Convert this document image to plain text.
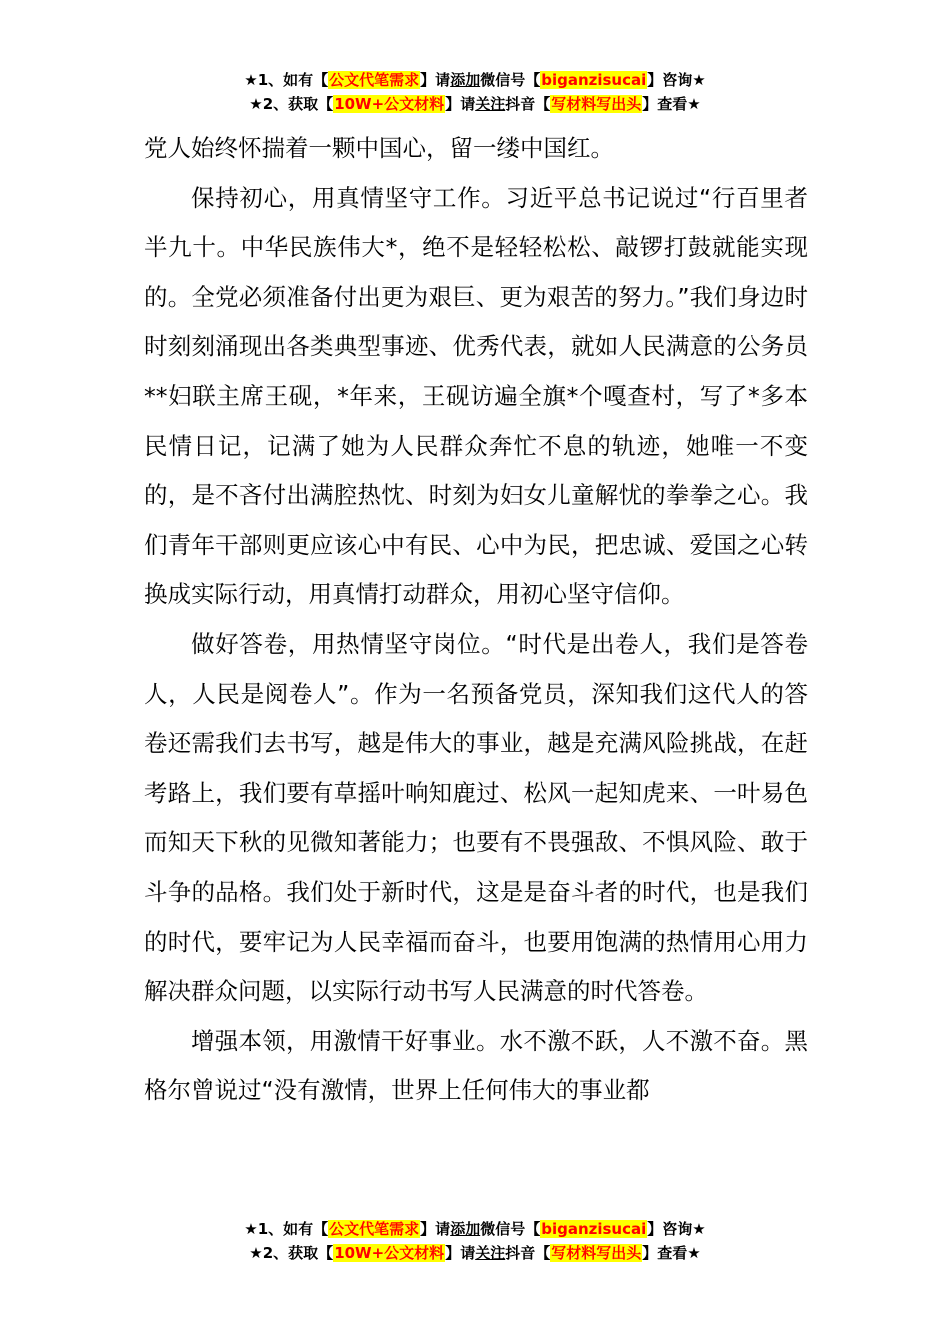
★1、如有【公文代笔需求】请添加微信号【biganzisucai】咨询★
★2、获取【10W+公文材料】请关注抖音【写材料写出头】查看★

党人始终怀揣着一颗中国心，留一缕中国红。

保持初心，用真情坚守工作。习近平总书记说过“行百里者半九十。中华民族伟大*，绝不是轻轻松松、敲锣打鼓就能实现的。全党必须准备付出更为艰巨、更为艰苦的努力。”我们身边时时刻刻涌现出各类典型事迹、优秀代表，就如人民满意的公务员**妇联主席王砚，*年来，王砚访遍全旗*个嘎查村，写了*多本民情日记，记满了她为人民群众奔忙不息的轨迹，她唯一不变的，是不吝付出满腔热忱、时刻为妇女儿童解忧的拳拳之心。我们青年干部则更应该心中有民、心中为民，把忠诚、爱国之心转换成实际行动，用真情打动群众，用初心坚守信仰。

做好答卷，用热情坚守岗位。“时代是出卷人，我们是答卷人，人民是阅卷人”。作为一名预备党员，深知我们这代人的答卷还需我们去书写，越是伟大的事业，越是充满风险挑战，在赶考路上，我们要有草摇叶响知鹿过、松风一起知虎来、一叶易色而知天下秋的见微知著能力；也要有不畏强敌、不惧风险、敢于斗争的品格。我们处于新时代，这是是奋斗者的时代，也是我们的时代，要牢记为人民幸福而奋斗，也要用饱满的热情用心用力解决群众问题，以实际行动书写人民满意的时代答卷。

增强本领，用激情干好事业。水不激不跃，人不激不奋。黑格尔曾说过“没有激情，世界上任何伟大的事业都

★1、如有【公文代笔需求】请添加微信号【biganzisucai】咨询★
★2、获取【10W+公文材料】请关注抖音【写材料写出头】查看★
